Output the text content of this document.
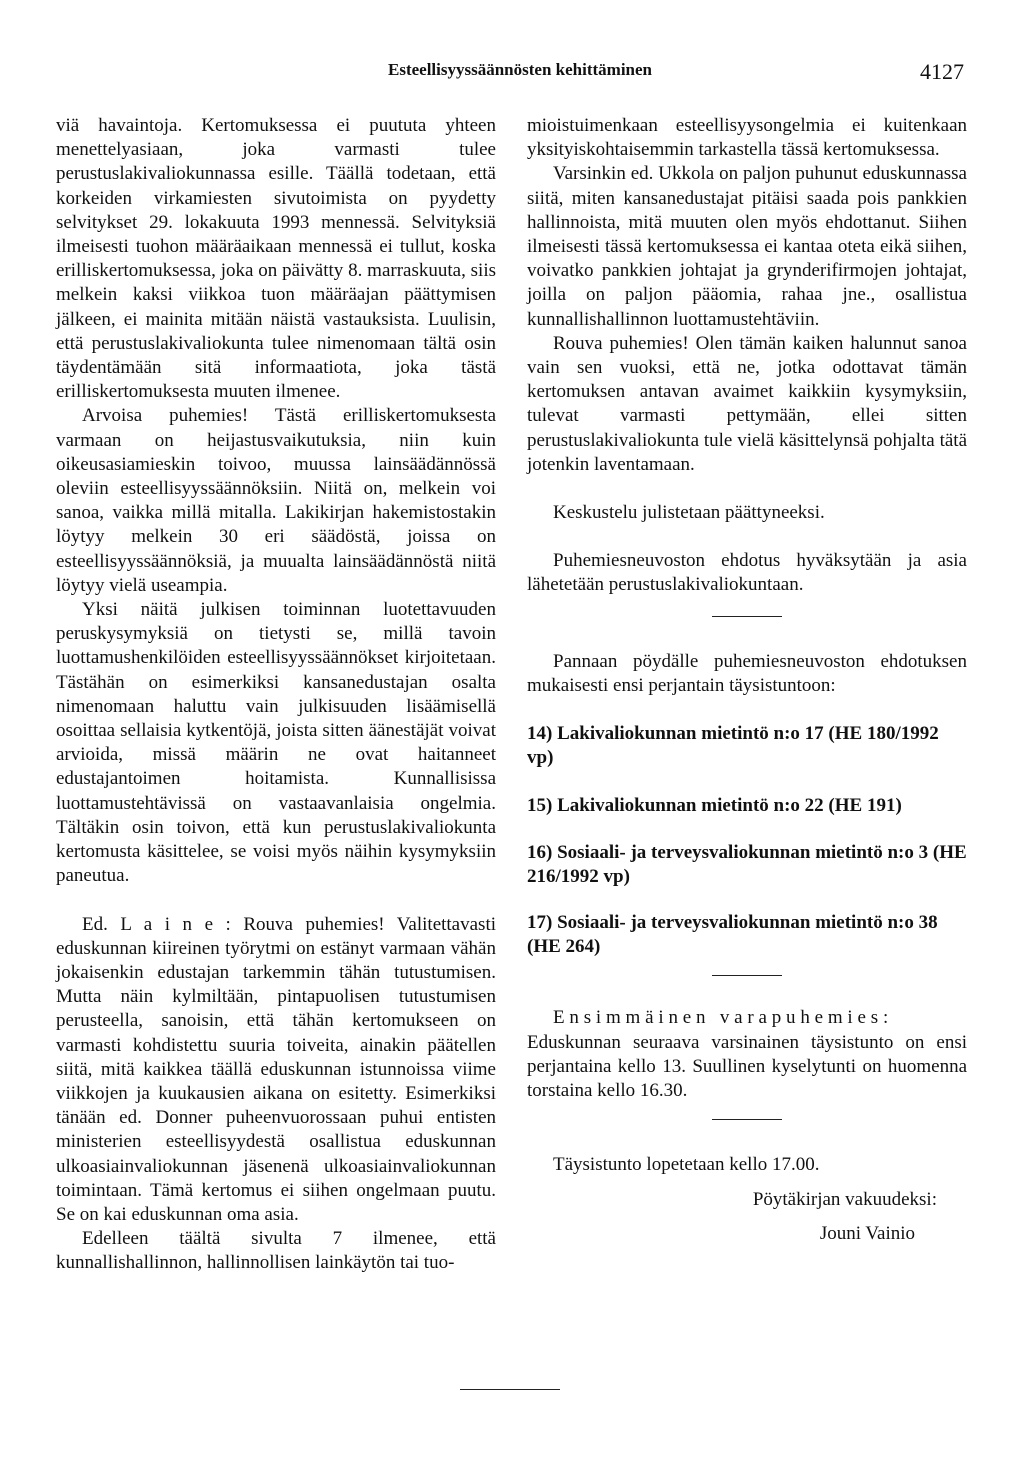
Esteellisyyssäännösten kehittäminen	4127

viä havaintoja. Kertomuksessa ei puututa yhteen menettelyasiaan, joka varmasti tulee perustuslakivaliokunnassa esille. Täällä todetaan, että korkeiden virkamiesten sivutoimista on pyydetty selvitykset 29. lokakuuta 1993 mennessä. Selvityksiä ilmeisesti tuohon määräaikaan mennessä ei tullut, koska erilliskertomuksessa, joka on päivätty 8. marraskuuta, siis melkein kaksi viikkoa tuon määräajan päättymisen jälkeen, ei mainita mitään näistä vastauksista. Luulisin, että perustuslakivaliokunta tulee nimenomaan tältä osin täydentämään sitä informaatiota, joka tästä erilliskertomuksesta muuten ilmenee.

Arvoisa puhemies! Tästä erilliskertomuksesta varmaan on heijastusvaikutuksia, niin kuin oikeusasiamieskin toivoo, muussa lainsäädännössä oleviin esteellisyyssäännöksiin. Niitä on, melkein voi sanoa, vaikka millä mitalla. Lakikirjan hakemistostakin löytyy melkein 30 eri säädöstä, joissa on esteellisyyssäännöksiä, ja muualta lainsäädännöstä niitä löytyy vielä useampia.

Yksi näitä julkisen toiminnan luotettavuuden peruskysymyksiä on tietysti se, millä tavoin luottamushenkilöiden esteellisyyssäännökset kirjoitetaan. Tästähän on esimerkiksi kansanedustajan osalta nimenomaan haluttu vain julkisuuden lisäämisellä osoittaa sellaisia kytkentöjä, joista sitten äänestäjät voivat arvioida, missä määrin ne ovat haitanneet edustajantoimen hoitamista. Kunnallisissa luottamustehtävissä on vastaavanlaisia ongelmia. Tältäkin osin toivon, että kun perustuslakivaliokunta kertomusta käsittelee, se voisi myös näihin kysymyksiin paneutua.

Ed. L a i n e : Rouva puhemies! Valitettavasti eduskunnan kiireinen työrytmi on estänyt varmaan vähän jokaisenkin edustajan tarkemmin tähän tutustumisen. Mutta näin kylmiltään, pintapuolisen tutustumisen perusteella, sanoisin, että tähän kertomukseen on varmasti kohdistettu suuria toiveita, ainakin päätellen siitä, mitä kaikkea täällä eduskunnan istunnoissa viime viikkojen ja kuukausien aikana on esitetty. Esimerkiksi tänään ed. Donner puheenvuorossaan puhui entisten ministerien esteellisyydestä osallistua eduskunnan ulkoasiainvaliokunnan jäsenenä ulkoasiainvaliokunnan toimintaan. Tämä kertomus ei siihen ongelmaan puutu. Se on kai eduskunnan oma asia.

Edelleen täältä sivulta 7 ilmenee, että kunnallishallinnon, hallinnollisen lainkäytön tai tuo-

mioistuimenkaan esteellisyysongelmia ei kuitenkaan yksityiskohtaisemmin tarkastella tässä kertomuksessa.

Varsinkin ed. Ukkola on paljon puhunut eduskunnassa siitä, miten kansanedustajat pitäisi saada pois pankkien hallinnoista, mitä muuten olen myös ehdottanut. Siihen ilmeisesti tässä kertomuksessa ei kantaa oteta eikä siihen, voivatko pankkien johtajat ja grynderifirmojen johtajat, joilla on paljon pääomia, rahaa jne., osallistua kunnallishallinnon luottamustehtäviin.

Rouva puhemies! Olen tämän kaiken halunnut sanoa vain sen vuoksi, että ne, jotka odottavat tämän kertomuksen antavan avaimet kaikkiin kysymyksiin, tulevat varmasti pettymään, ellei sitten perustuslakivaliokunta tule vielä käsittelynsä pohjalta tätä jotenkin laventamaan.

Keskustelu julistetaan päättyneeksi.

Puhemiesneuvoston ehdotus hyväksytään ja asia lähetetään perustuslakivaliokuntaan.

Pannaan pöydälle puhemiesneuvoston ehdotuksen mukaisesti ensi perjantain täysistuntoon:

14) Lakivaliokunnan mietintö n:o 17 (HE 180/1992 vp)

15) Lakivaliokunnan mietintö n:o 22 (HE 191)

16) Sosiaali- ja terveysvaliokunnan mietintö n:o 3 (HE 216/1992 vp)

17) Sosiaali- ja terveysvaliokunnan mietintö n:o 38 (HE 264)

Ensimmäinen varapuhemies:

Eduskunnan seuraava varsinainen täysistunto on ensi perjantaina kello 13. Suullinen kyselytunti on huomenna torstaina kello 16.30.

Täysistunto lopetetaan kello 17.00.

Pöytäkirjan vakuudeksi:

Jouni Vainio
